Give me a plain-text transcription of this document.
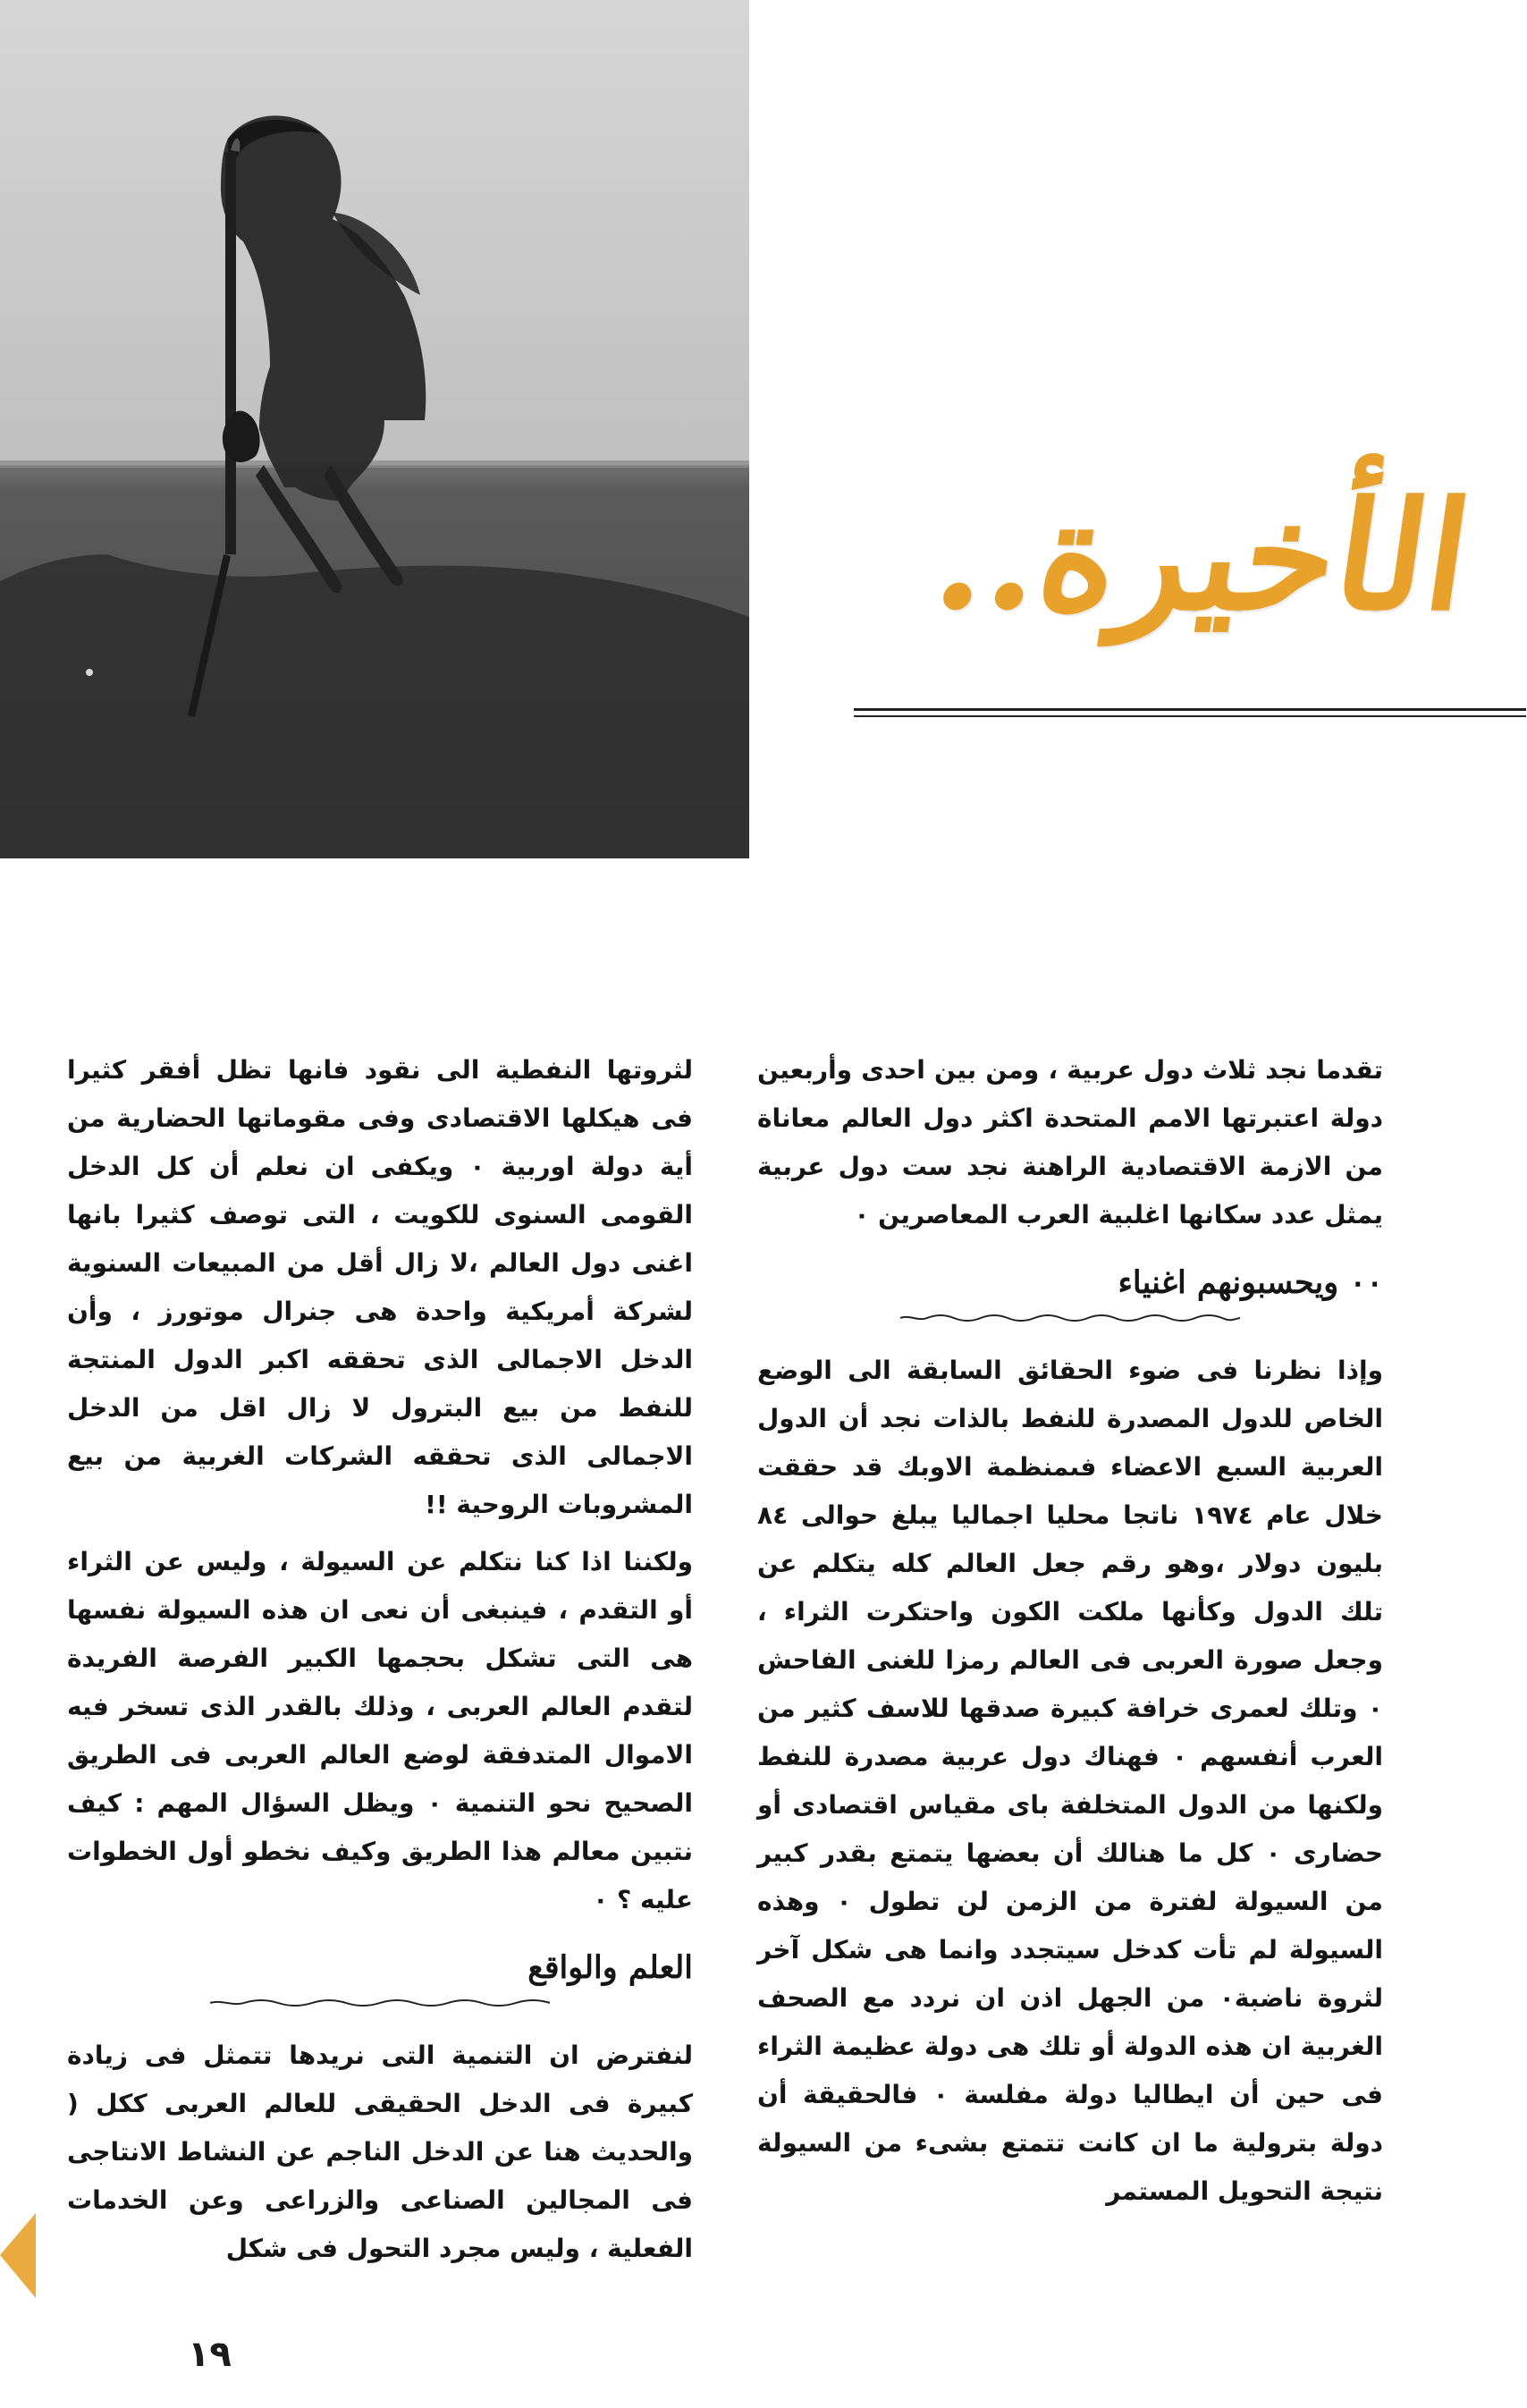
الأخيرة..

تقدما نجد ثلاث دول عربية ، ومن بين احدى وأربعين دولة اعتبرتها الامم المتحدة اكثر دول العالم معاناة من الازمة الاقتصادية الراهنة نجد ست دول عربية يمثل عدد سكانها اغلبية العرب المعاصرين ٠

٠٠ ويحسبونهم اغنياء

وإذا نظرنا فى ضوء الحقائق السابقة الى الوضع الخاص للدول المصدرة للنفط بالذات نجد أن الدول العربية السبع الاعضاء فىمنظمة الاوبك قد حققت خلال عام ١٩٧٤ ناتجا محليا اجماليا يبلغ حوالى ٨٤ بليون دولار ،وهو رقم جعل العالم كله يتكلم عن تلك الدول وكأنها ملكت الكون واحتكرت الثراء ، وجعل صورة العربى فى العالم رمزا للغنى الفاحش ٠ وتلك لعمرى خرافة كبيرة صدقها للاسف كثير من العرب أنفسهم ٠ فهناك دول عربية مصدرة للنفط ولكنها من الدول المتخلفة باى مقياس اقتصادى أو حضارى ٠ كل ما هنالك أن بعضها يتمتع بقدر كبير من السيولة لفترة من الزمن لن تطول ٠ وهذه السيولة لم تأت كدخل سيتجدد وانما هى شكل آخر لثروة ناضبة٠ من الجهل اذن ان نردد مع الصحف الغربية ان هذه الدولة أو تلك هى دولة عظيمة الثراء فى حين أن ايطاليا دولة مفلسة ٠ فالحقيقة أن دولة بترولية ما ان كانت تتمتع بشىء من السيولة نتيجة التحويل المستمر

لثروتها النفطية الى نقود فانها تظل أفقر كثيرا فى هيكلها الاقتصادى وفى مقوماتها الحضارية من أية دولة اوربية ٠ ويكفى ان نعلم أن كل الدخل القومى السنوى للكويت ، التى توصف كثيرا بانها اغنى دول العالم ،لا زال أقل من المبيعات السنوية لشركة أمريكية واحدة هى جنرال موتورز ، وأن الدخل الاجمالى الذى تحققه اكبر الدول المنتجة للنفط من بيع البترول لا زال اقل من الدخل الاجمالى الذى تحققه الشركات الغربية من بيع المشروبات الروحية !!

ولكننا اذا كنا نتكلم عن السيولة ، وليس عن الثراء أو التقدم ، فينبغى أن نعى ان هذه السيولة نفسها هى التى تشكل بحجمها الكبير الفرصة الفريدة لتقدم العالم العربى ، وذلك بالقدر الذى تسخر فيه الاموال المتدفقة لوضع العالم العربى فى الطريق الصحيح نحو التنمية ٠ ويظل السؤال المهم : كيف نتبين معالم هذا الطريق وكيف نخطو أول الخطوات عليه ؟ ٠

العلم والواقع

لنفترض ان التنمية التى نريدها تتمثل فى زيادة كبيرة فى الدخل الحقيقى للعالم العربى ككل ( والحديث هنا عن الدخل الناجم عن النشاط الانتاجى فى المجالين الصناعى والزراعى وعن الخدمات الفعلية ، وليس مجرد التحول فى شكل

١٩
